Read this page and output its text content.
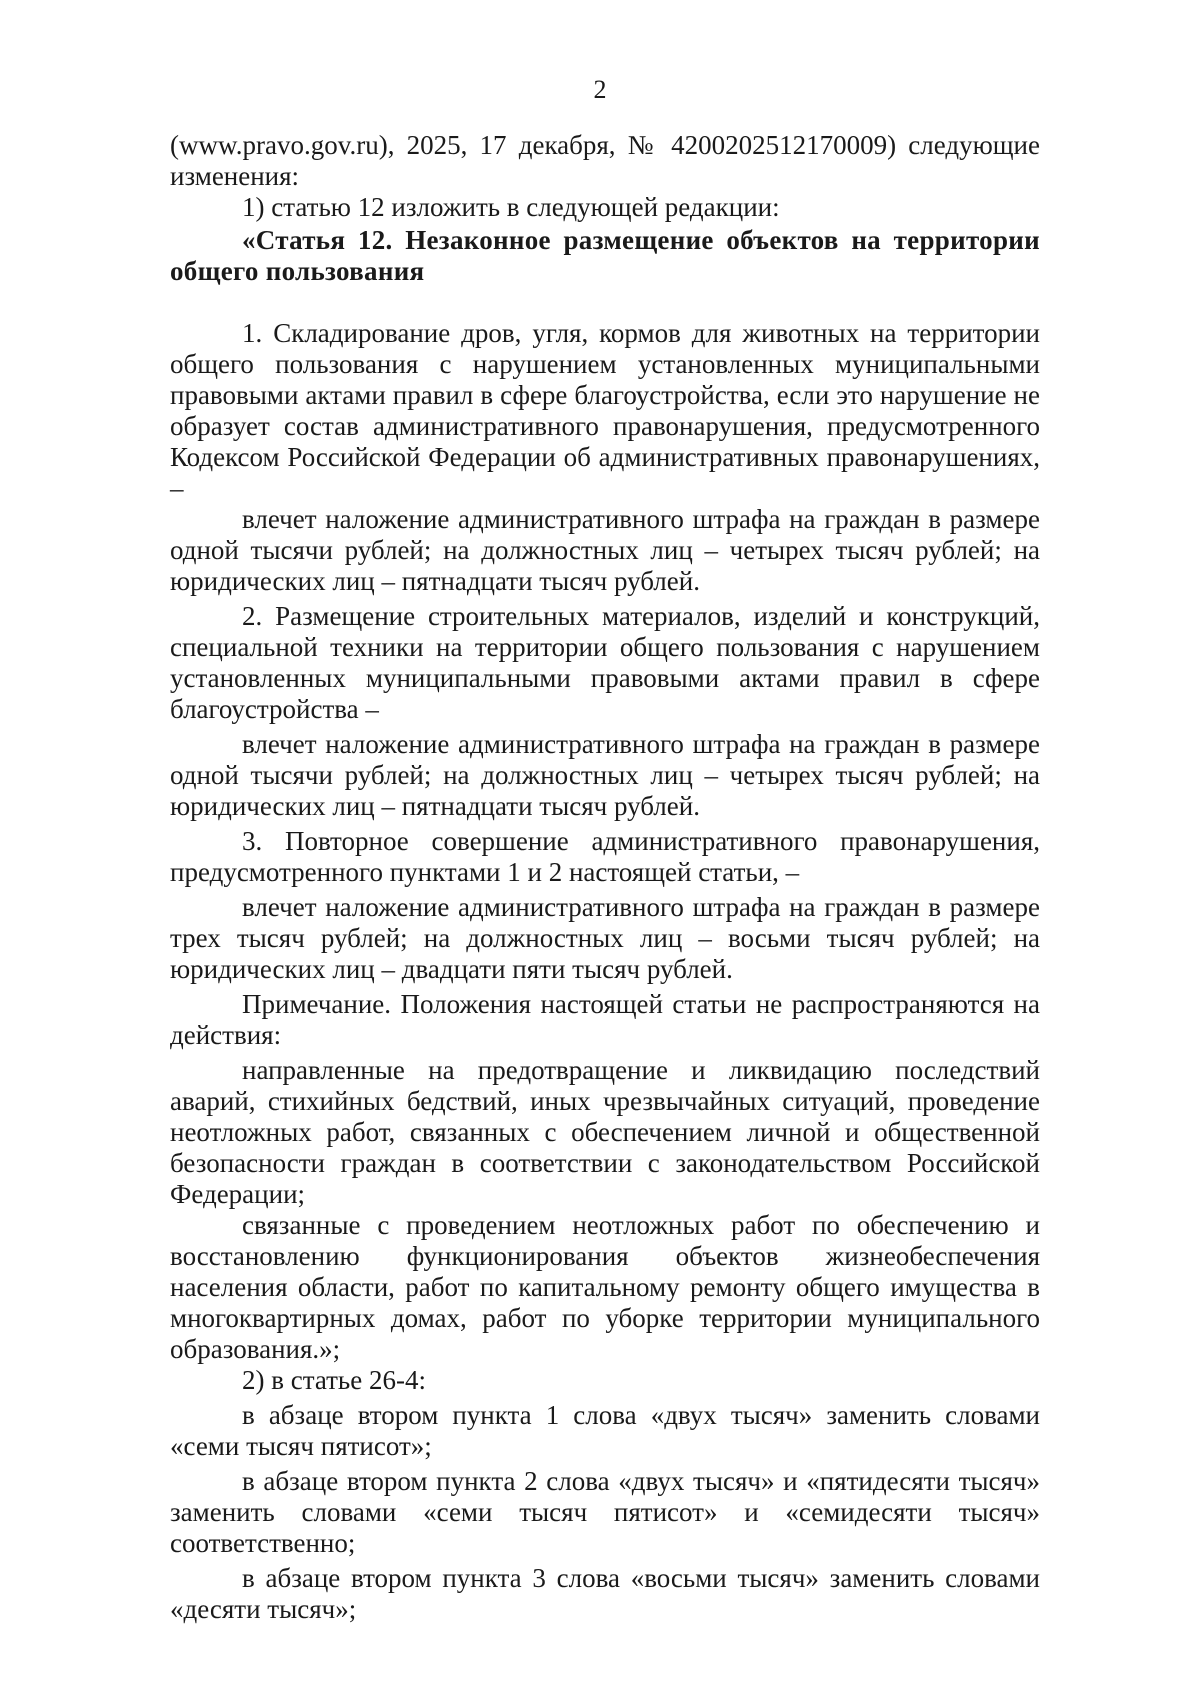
2

(www.pravo.gov.ru), 2025, 17 декабря, № 4200202512170009) следующие изменения:

1) статью 12 изложить в следующей редакции:

«Статья 12. Незаконное размещение объектов на территории общего пользования

1. Складирование дров, угля, кормов для животных на территории общего пользования с нарушением установленных муниципальными правовыми актами правил в сфере благоустройства, если это нарушение не образует состав административного правонарушения, предусмотренного Кодексом Российской Федерации об административных правонарушениях, –

влечет наложение административного штрафа на граждан в размере одной тысячи рублей; на должностных лиц – четырех тысяч рублей; на юридических лиц – пятнадцати тысяч рублей.

2. Размещение строительных материалов, изделий и конструкций, специальной техники на территории общего пользования с нарушением установленных муниципальными правовыми актами правил в сфере благоустройства –

влечет наложение административного штрафа на граждан в размере одной тысячи рублей; на должностных лиц – четырех тысяч рублей; на юридических лиц – пятнадцати тысяч рублей.

3. Повторное совершение административного правонарушения, предусмотренного пунктами 1 и 2 настоящей статьи, –

влечет наложение административного штрафа на граждан в размере трех тысяч рублей; на должностных лиц – восьми тысяч рублей; на юридических лиц – двадцати пяти тысяч рублей.

Примечание. Положения настоящей статьи не распространяются на действия:

направленные на предотвращение и ликвидацию последствий аварий, стихийных бедствий, иных чрезвычайных ситуаций, проведение неотложных работ, связанных с обеспечением личной и общественной безопасности граждан в соответствии с законодательством Российской Федерации;

связанные с проведением неотложных работ по обеспечению и восстановлению функционирования объектов жизнеобеспечения населения области, работ по капитальному ремонту общего имущества в многоквартирных домах, работ по уборке территории муниципального образования.»;

2) в статье 26-4:

в абзаце втором пункта 1 слова «двух тысяч» заменить словами «семи тысяч пятисот»;

в абзаце втором пункта 2 слова «двух тысяч» и «пятидесяти тысяч» заменить словами «семи тысяч пятисот» и «семидесяти тысяч» соответственно;

в абзаце втором пункта 3 слова «восьми тысяч» заменить словами «десяти тысяч»;
